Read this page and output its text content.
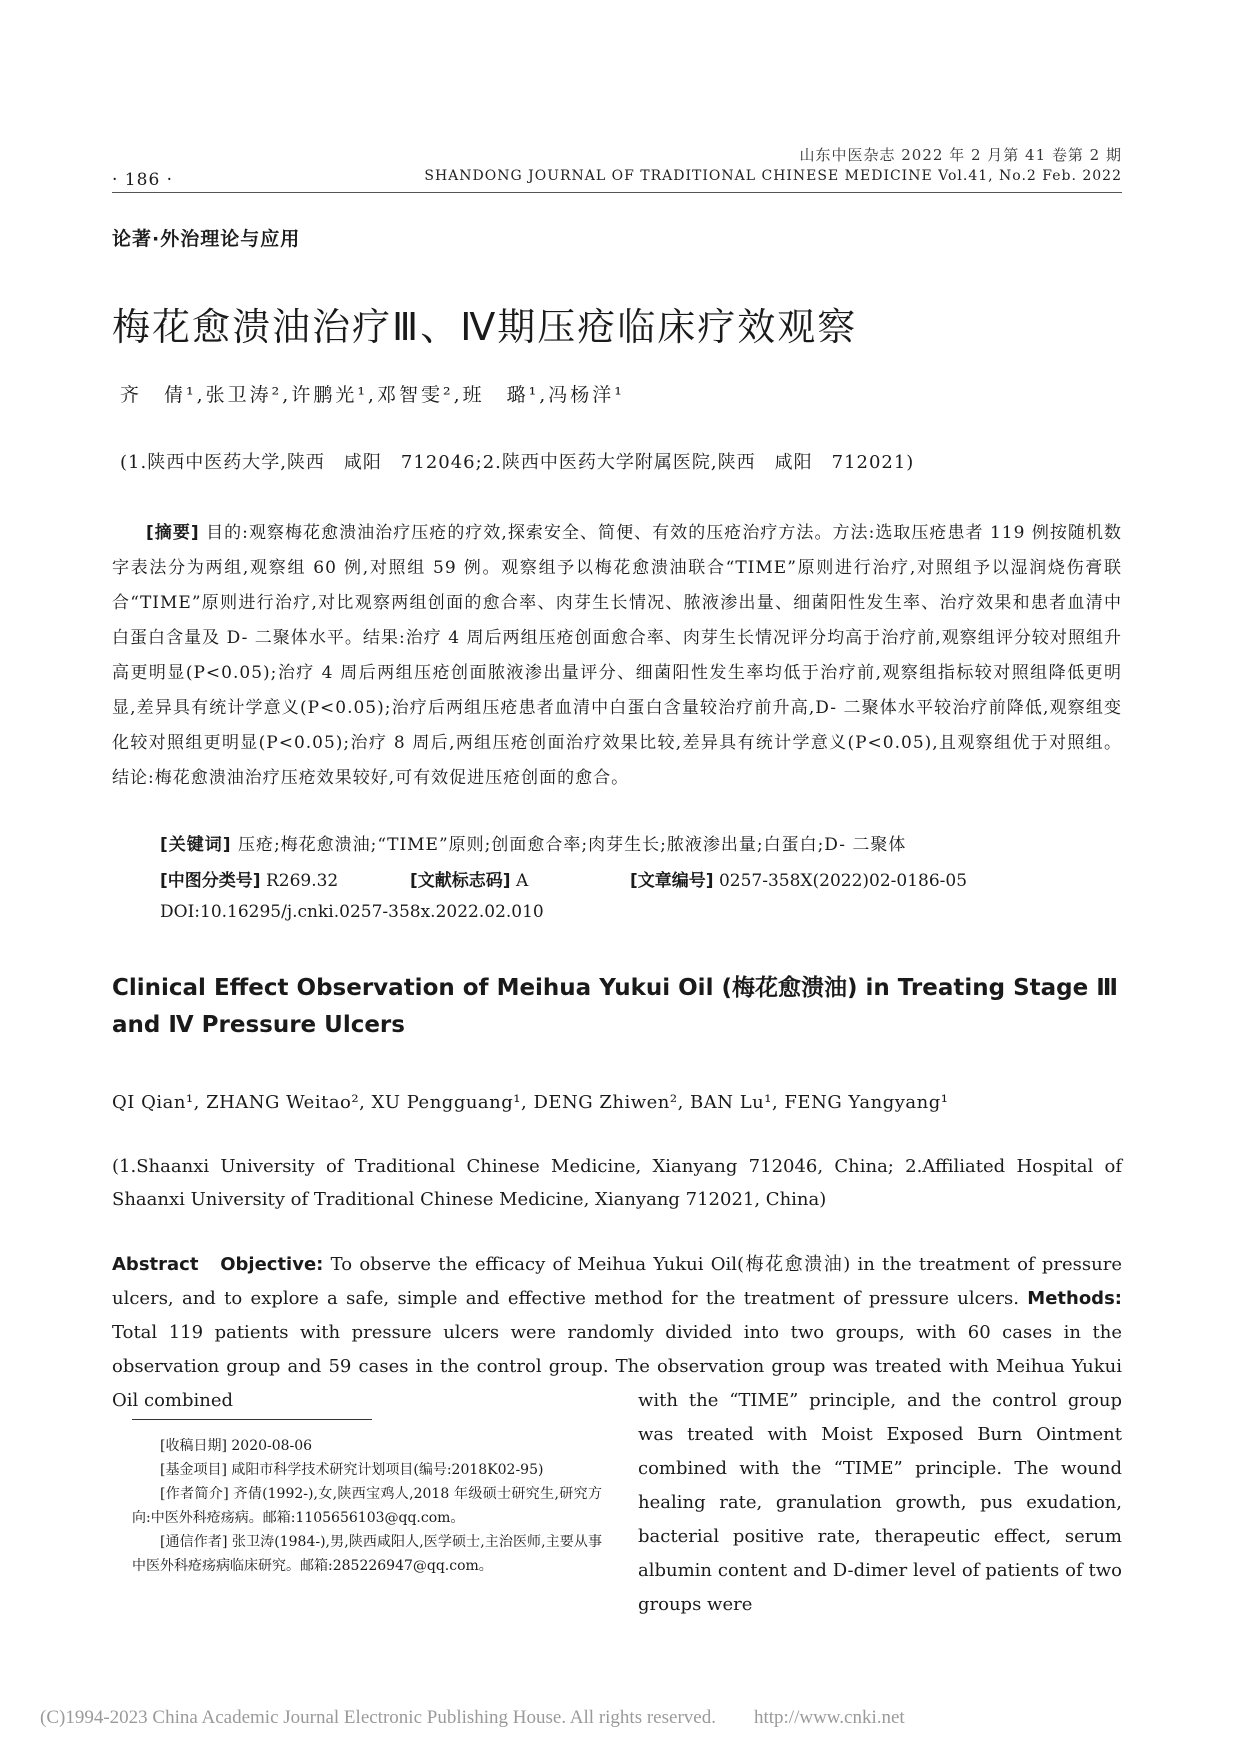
山东中医杂志 2022 年 2 月第 41 卷第 2 期
· 186 ·	SHANDONG JOURNAL OF TRADITIONAL CHINESE MEDICINE Vol.41, No.2 Feb. 2022
论著·外治理论与应用
梅花愈溃油治疗Ⅲ、Ⅳ期压疮临床疗效观察
齐　倩¹,张卫涛²,许鹏光¹,邓智雯²,班　璐¹,冯杨洋¹
(1.陕西中医药大学,陕西　咸阳　712046;2.陕西中医药大学附属医院,陕西　咸阳　712021)
[摘要] 目的:观察梅花愈溃油治疗压疮的疗效,探索安全、简便、有效的压疮治疗方法。方法:选取压疮患者 119 例按随机数字表法分为两组,观察组 60 例,对照组 59 例。观察组予以梅花愈溃油联合“TIME”原则进行治疗,对照组予以湿润烧伤膏联合“TIME”原则进行治疗,对比观察两组创面的愈合率、肉芽生长情况、脓液渗出量、细菌阳性发生率、治疗效果和患者血清中白蛋白含量及 D- 二聚体水平。结果:治疗 4 周后两组压疮创面愈合率、肉芽生长情况评分均高于治疗前,观察组评分较对照组升高更明显(P<0.05);治疗 4 周后两组压疮创面脓液渗出量评分、细菌阳性发生率均低于治疗前,观察组指标较对照组降低更明显,差异具有统计学意义(P<0.05);治疗后两组压疮患者血清中白蛋白含量较治疗前升高,D- 二聚体水平较治疗前降低,观察组变化较对照组更明显(P<0.05);治疗 8 周后,两组压疮创面治疗效果比较,差异具有统计学意义(P<0.05),且观察组优于对照组。结论:梅花愈溃油治疗压疮效果较好,可有效促进压疮创面的愈合。
[关键词] 压疮;梅花愈溃油;“TIME”原则;创面愈合率;肉芽生长;脓液渗出量;白蛋白;D- 二聚体
[中图分类号] R269.32	[文献标志码] A	[文章编号] 0257-358X(2022)02-0186-05
DOI:10.16295/j.cnki.0257-358x.2022.02.010
Clinical Effect Observation of Meihua Yukui Oil (梅花愈溃油) in Treating Stage Ⅲ and Ⅳ Pressure Ulcers
QI Qian¹, ZHANG Weitao², XU Pengguang¹, DENG Zhiwen², BAN Lu¹, FENG Yangyang¹
(1.Shaanxi University of Traditional Chinese Medicine, Xianyang 712046, China; 2.Affiliated Hospital of Shaanxi University of Traditional Chinese Medicine, Xianyang 712021, China)
Abstract Objective: To observe the efficacy of Meihua Yukui Oil(梅花愈溃油) in the treatment of pressure ulcers, and to explore a safe, simple and effective method for the treatment of pressure ulcers. Methods: Total 119 patients with pressure ulcers were randomly divided into two groups, with 60 cases in the observation group and 59 cases in the control group. The observation group was treated with Meihua Yukui Oil combined	with the “TIME” principle, and the control group was treated with Moist Exposed Burn Ointment combined with the “TIME” principle. The wound healing rate, granulation growth, pus exudation, bacterial positive rate, therapeutic effect, serum albumin content and D-dimer level of patients of two groups were
[收稿日期] 2020-08-06
[基金项目] 咸阳市科学技术研究计划项目(编号:2018K02-95)
[作者简介] 齐倩(1992-),女,陕西宝鸡人,2018 年级硕士研究生,研究方向:中医外科疮疡病。邮箱:1105656103@qq.com。
[通信作者] 张卫涛(1984-),男,陕西咸阳人,医学硕士,主治医师,主要从事中医外科疮疡病临床研究。邮箱:285226947@qq.com。
(C)1994-2023 China Academic Journal Electronic Publishing House. All rights reserved.　　http://www.cnki.net
